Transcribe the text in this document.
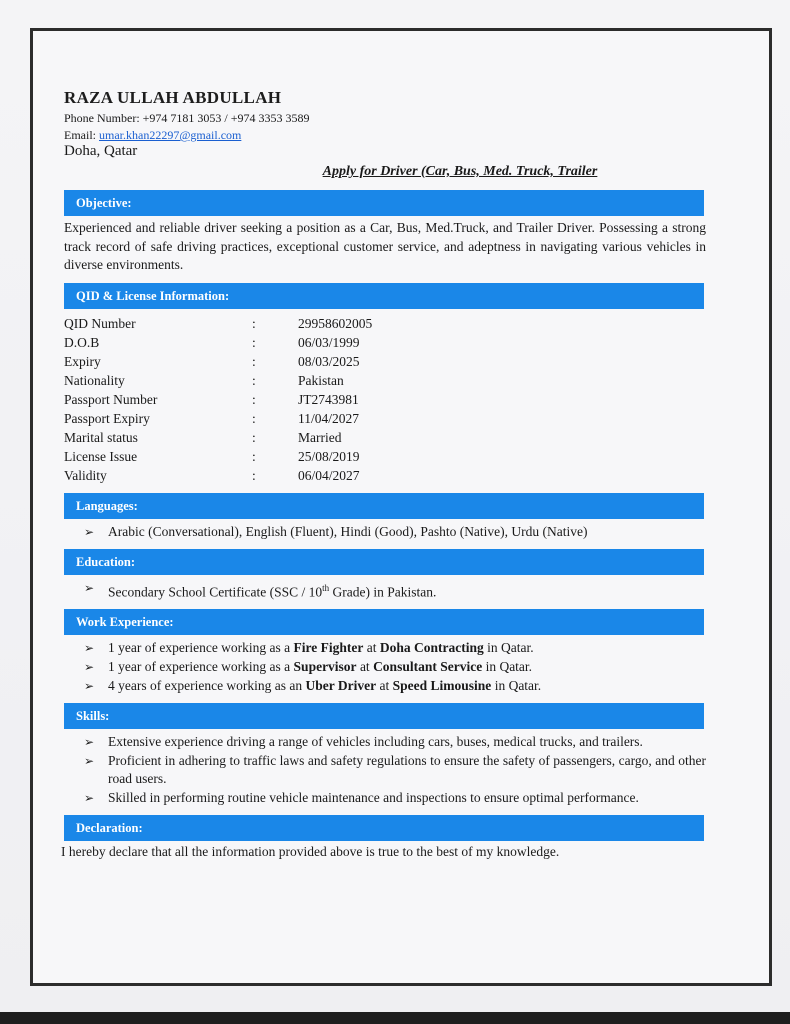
RAZA ULLAH ABDULLAH
Phone Number: +974 7181 3053 / +974 3353 3589
Email: umar.khan22297@gmail.com
Doha, Qatar
Apply for Driver (Car, Bus, Med. Truck, Trailer
Objective:
Experienced and reliable driver seeking a position as a Car, Bus, Med.Truck, and Trailer Driver. Possessing a strong track record of safe driving practices, exceptional customer service, and adeptness in navigating various vehicles in diverse environments.
QID & License Information:
QID Number	:	29958602005
D.O.B	:	06/03/1999
Expiry	:	08/03/2025
Nationality	:	Pakistan
Passport Number	:	JT2743981
Passport Expiry	:	11/04/2027
Marital status	:	Married
License Issue	:	25/08/2019
Validity	:	06/04/2027
Languages:
➢ Arabic (Conversational), English (Fluent), Hindi (Good), Pashto (Native), Urdu (Native)
Education:
➢ Secondary School Certificate (SSC / 10th Grade) in Pakistan.
Work Experience:
➢ 1 year of experience working as a Fire Fighter at Doha Contracting in Qatar.
➢ 1 year of experience working as a Supervisor at Consultant Service in Qatar.
➢ 4 years of experience working as an Uber Driver at Speed Limousine in Qatar.
Skills:
➢ Extensive experience driving a range of vehicles including cars, buses, medical trucks, and trailers.
➢ Proficient in adhering to traffic laws and safety regulations to ensure the safety of passengers, cargo, and other road users.
➢ Skilled in performing routine vehicle maintenance and inspections to ensure optimal performance.
Declaration:
I hereby declare that all the information provided above is true to the best of my knowledge.
